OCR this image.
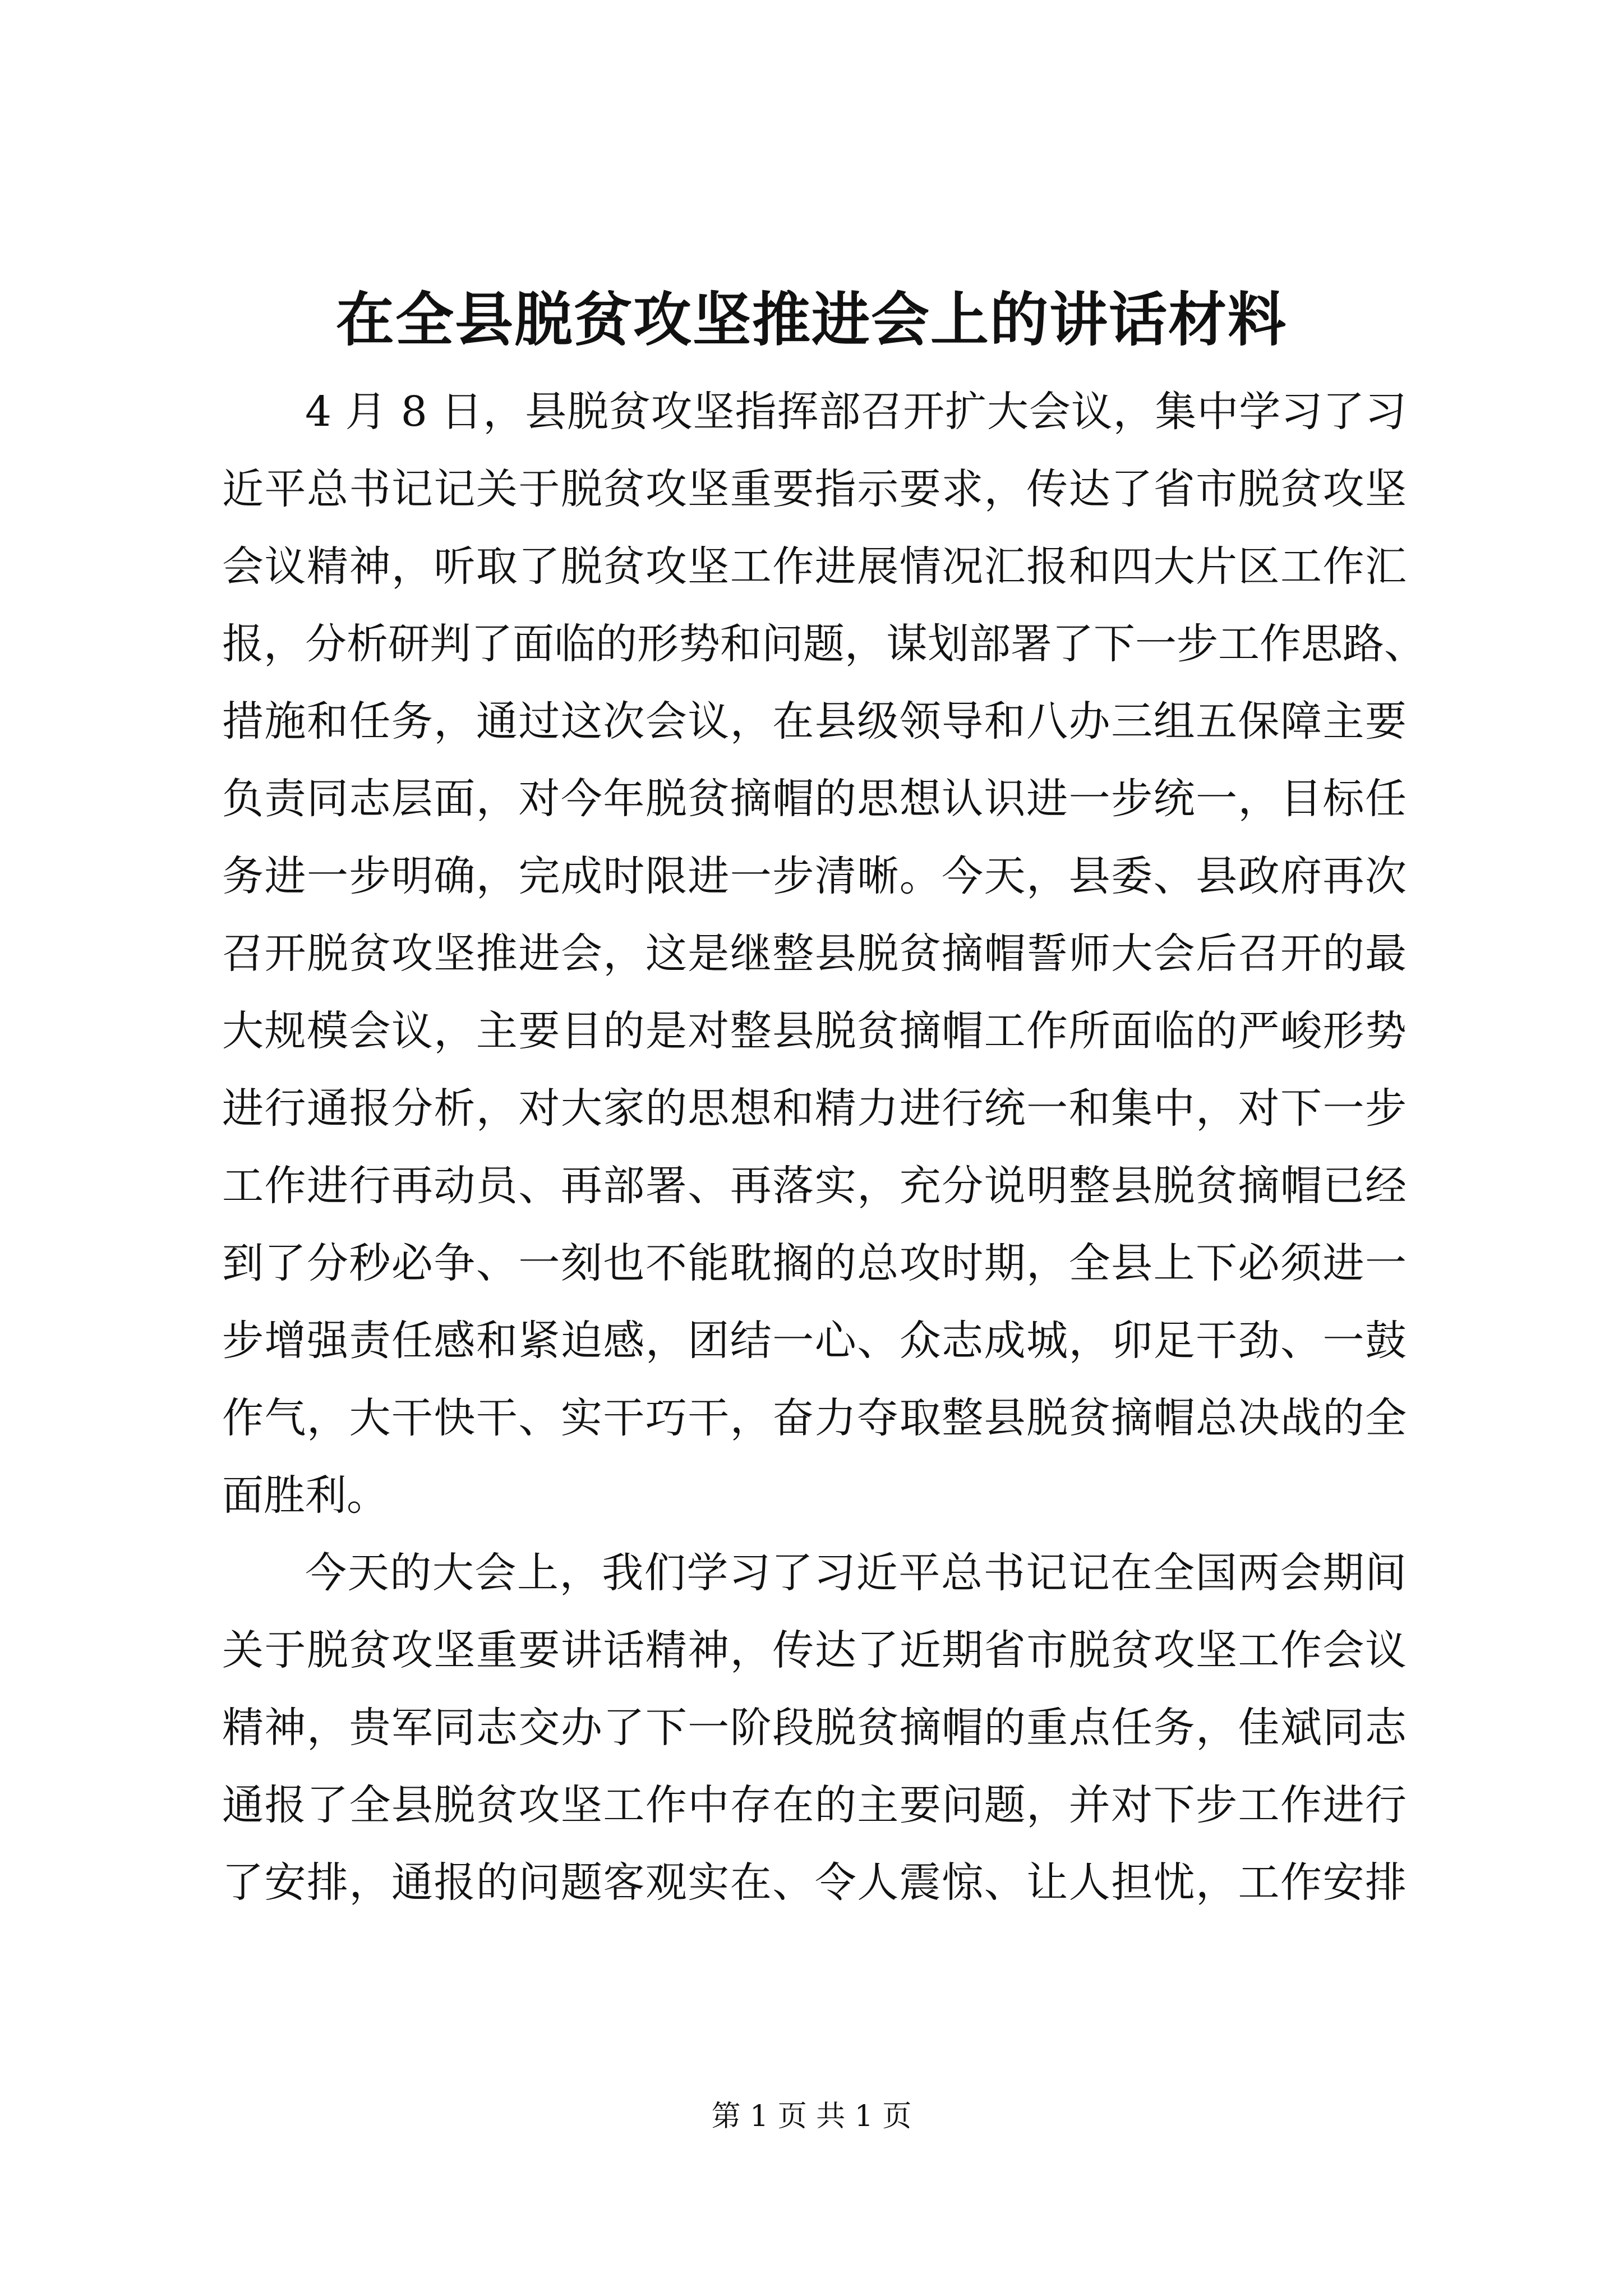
在全县脱贫攻坚推进会上的讲话材料
4 月 8 日，县脱贫攻坚指挥部召开扩大会议，集中学习了习
近平总书记记关于脱贫攻坚重要指示要求，传达了省市脱贫攻坚
会议精神，听取了脱贫攻坚工作进展情况汇报和四大片区工作汇
报，分析研判了面临的形势和问题，谋划部署了下一步工作思路、
措施和任务，通过这次会议，在县级领导和八办三组五保障主要
负责同志层面，对今年脱贫摘帽的思想认识进一步统一，目标任
务进一步明确，完成时限进一步清晰。今天，县委、县政府再次
召开脱贫攻坚推进会，这是继整县脱贫摘帽誓师大会后召开的最
大规模会议，主要目的是对整县脱贫摘帽工作所面临的严峻形势
进行通报分析，对大家的思想和精力进行统一和集中，对下一步
工作进行再动员、再部署、再落实，充分说明整县脱贫摘帽已经
到了分秒必争、一刻也不能耽搁的总攻时期，全县上下必须进一
步增强责任感和紧迫感，团结一心、众志成城，卯足干劲、一鼓
作气，大干快干、实干巧干，奋力夺取整县脱贫摘帽总决战的全
面胜利。
今天的大会上，我们学习了习近平总书记记在全国两会期间
关于脱贫攻坚重要讲话精神，传达了近期省市脱贫攻坚工作会议
精神，贵军同志交办了下一阶段脱贫摘帽的重点任务，佳斌同志
通报了全县脱贫攻坚工作中存在的主要问题，并对下步工作进行
了安排，通报的问题客观实在、令人震惊、让人担忧，工作安排
第 1 页 共 1 页
